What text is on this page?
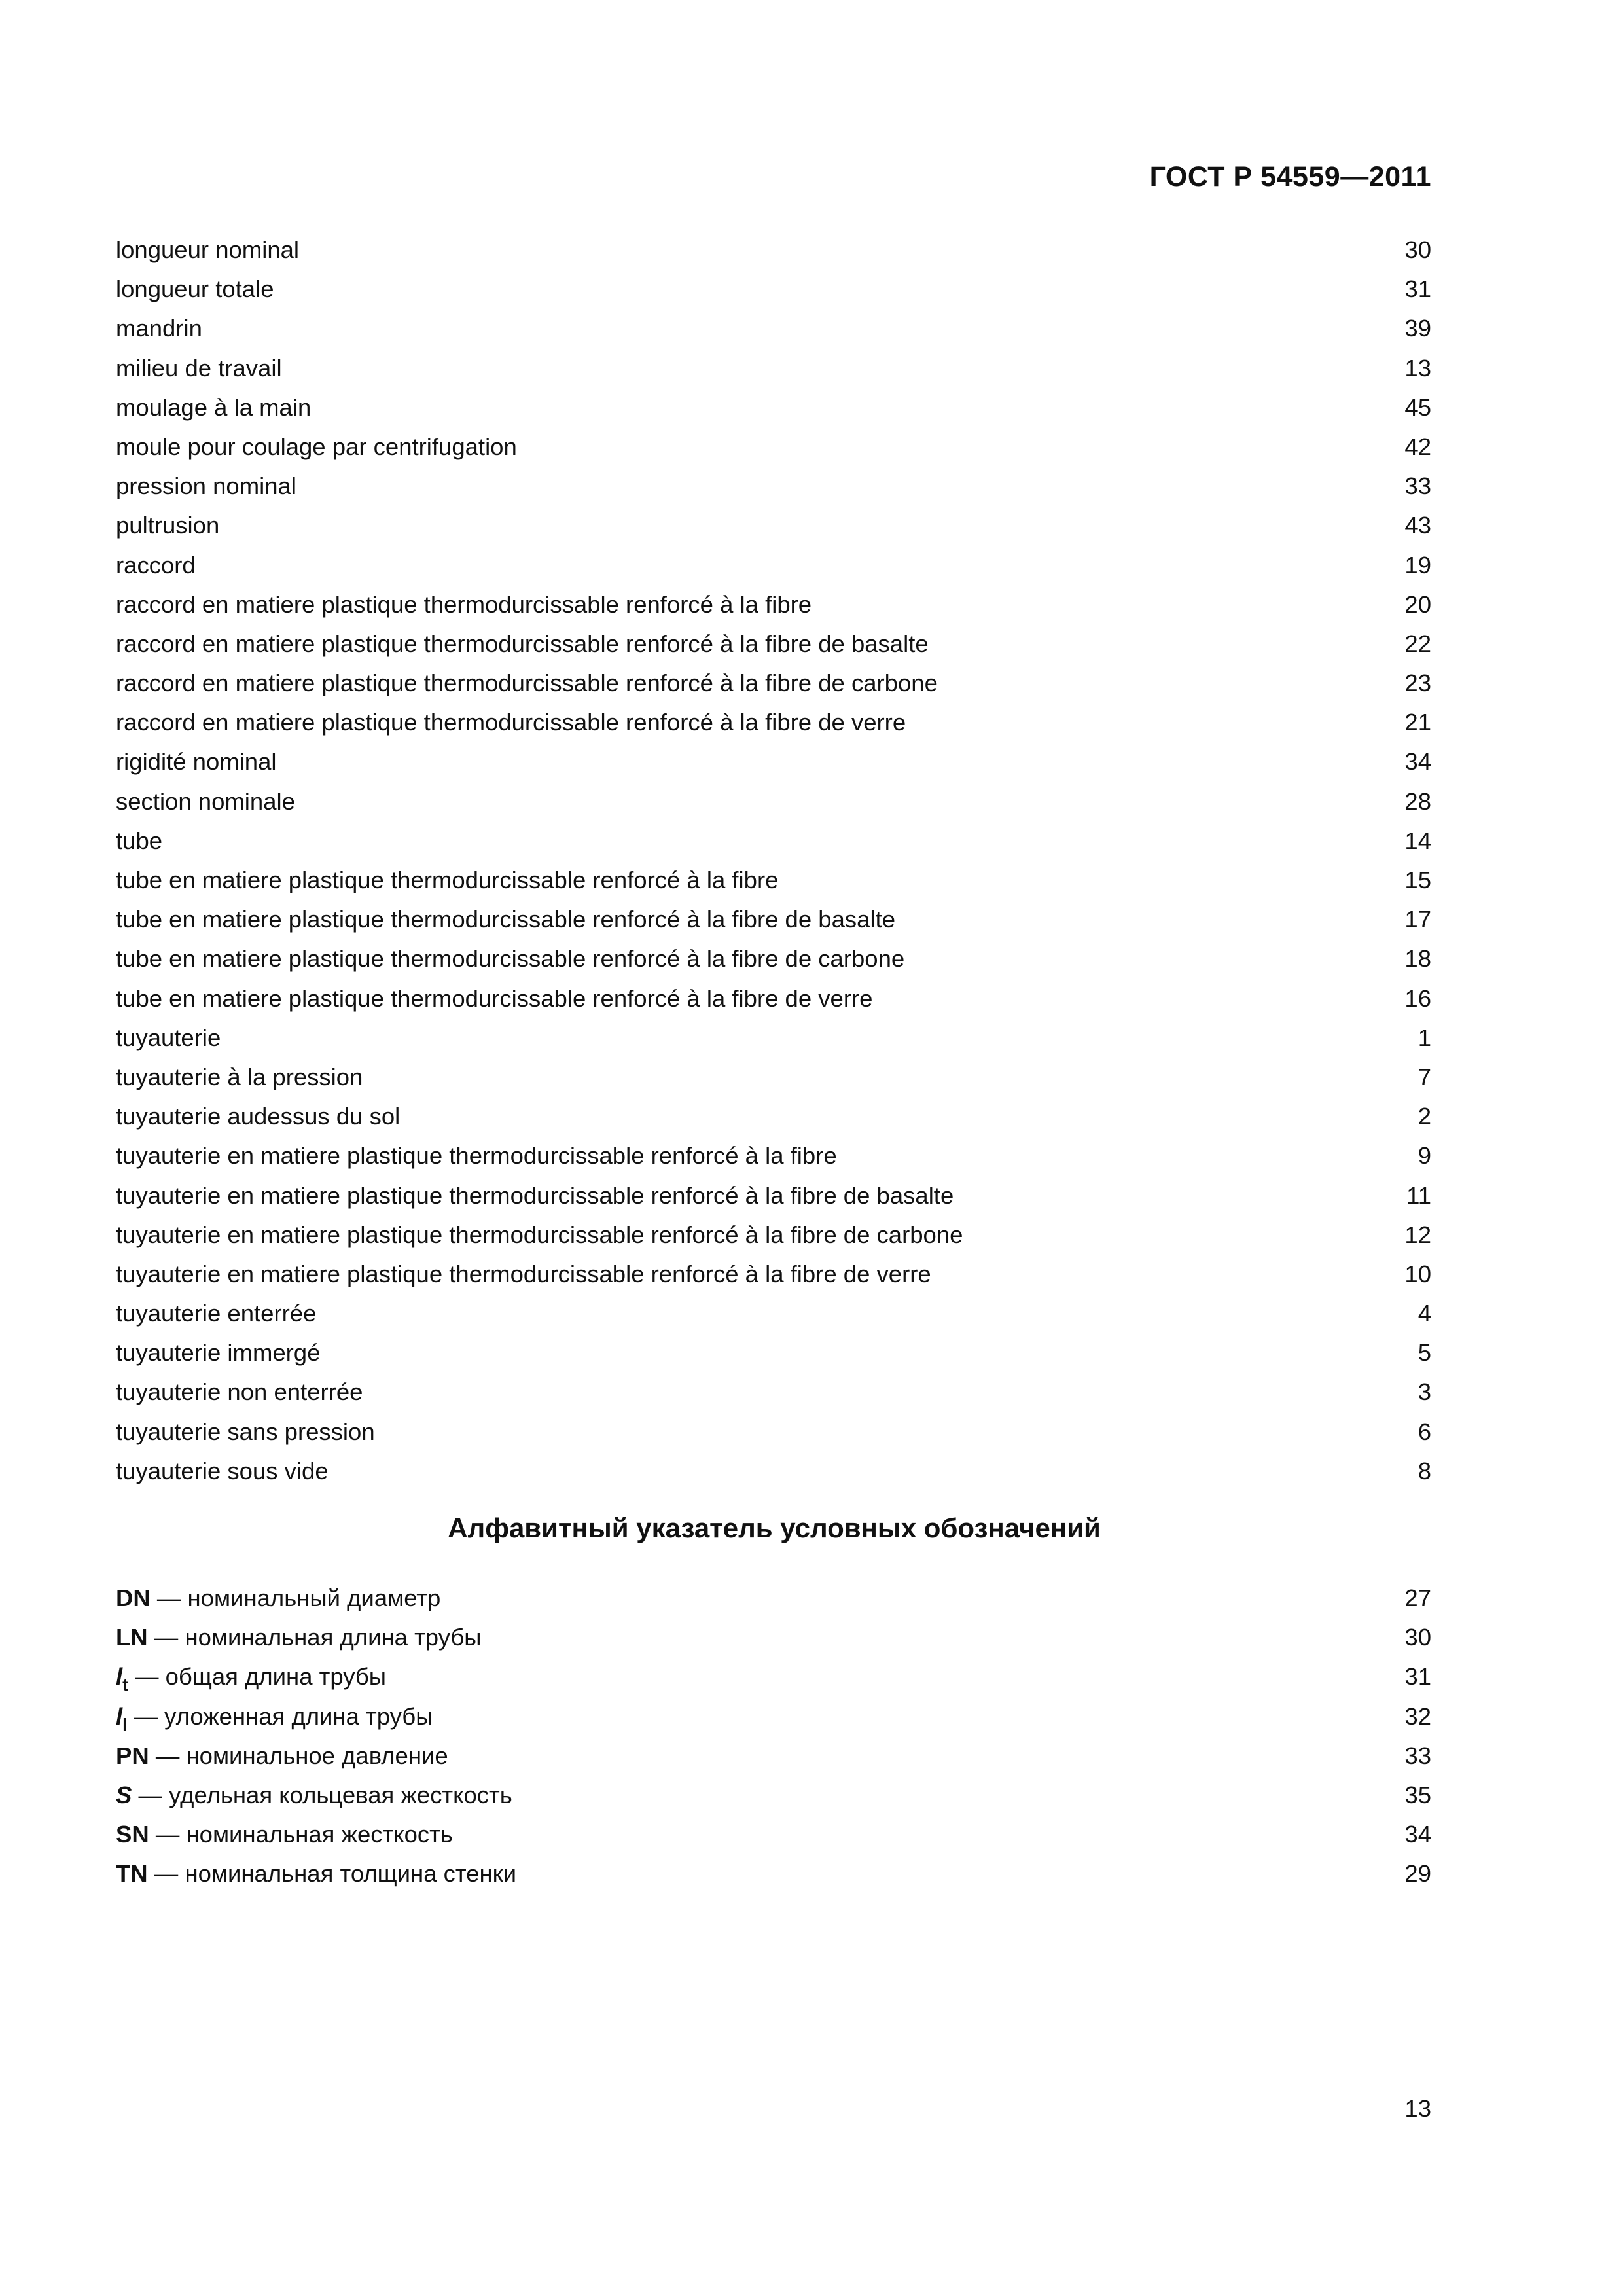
ГОСТ Р 54559—2011
longueur nominal	30
longueur totale	31
mandrin	39
milieu de travail	13
moulage à la main	45
moule pour coulage par centrifugation	42
pression nominal	33
pultrusion	43
raccord	19
raccord en matiere plastique thermodurcissable renforcé à la fibre	20
raccord en matiere plastique thermodurcissable renforcé à la fibre de basalte	22
raccord en matiere plastique thermodurcissable renforcé à la fibre de carbone	23
raccord en matiere plastique thermodurcissable renforcé à la fibre de verre	21
rigidité nominal	34
section nominale	28
tube	14
tube en matiere plastique thermodurcissable renforcé à la fibre	15
tube en matiere plastique thermodurcissable renforcé à la fibre de basalte	17
tube en matiere plastique thermodurcissable renforcé à la fibre de carbone	18
tube en matiere plastique thermodurcissable renforcé à la fibre de verre	16
tuyauterie	1
tuyauterie à la pression	7
tuyauterie audessus du sol	2
tuyauterie en matiere plastique thermodurcissable renforcé à la fibre	9
tuyauterie en matiere plastique thermodurcissable renforcé à la fibre de basalte	11
tuyauterie en matiere plastique thermodurcissable renforcé à la fibre de carbone	12
tuyauterie en matiere plastique thermodurcissable renforcé à la fibre de verre	10
tuyauterie enterrée	4
tuyauterie immergé	5
tuyauterie non enterrée	3
tuyauterie sans pression	6
tuyauterie sous vide	8
Алфавитный указатель условных обозначений
DN — номинальный диаметр	27
LN — номинальная длина трубы	30
$l_t$ — общая длина трубы	31
$l_l$ — уложенная длина трубы	32
PN — номинальное давление	33
S — удельная кольцевая жесткость	35
SN — номинальная жесткость	34
TN — номинальная толщина стенки	29
13
